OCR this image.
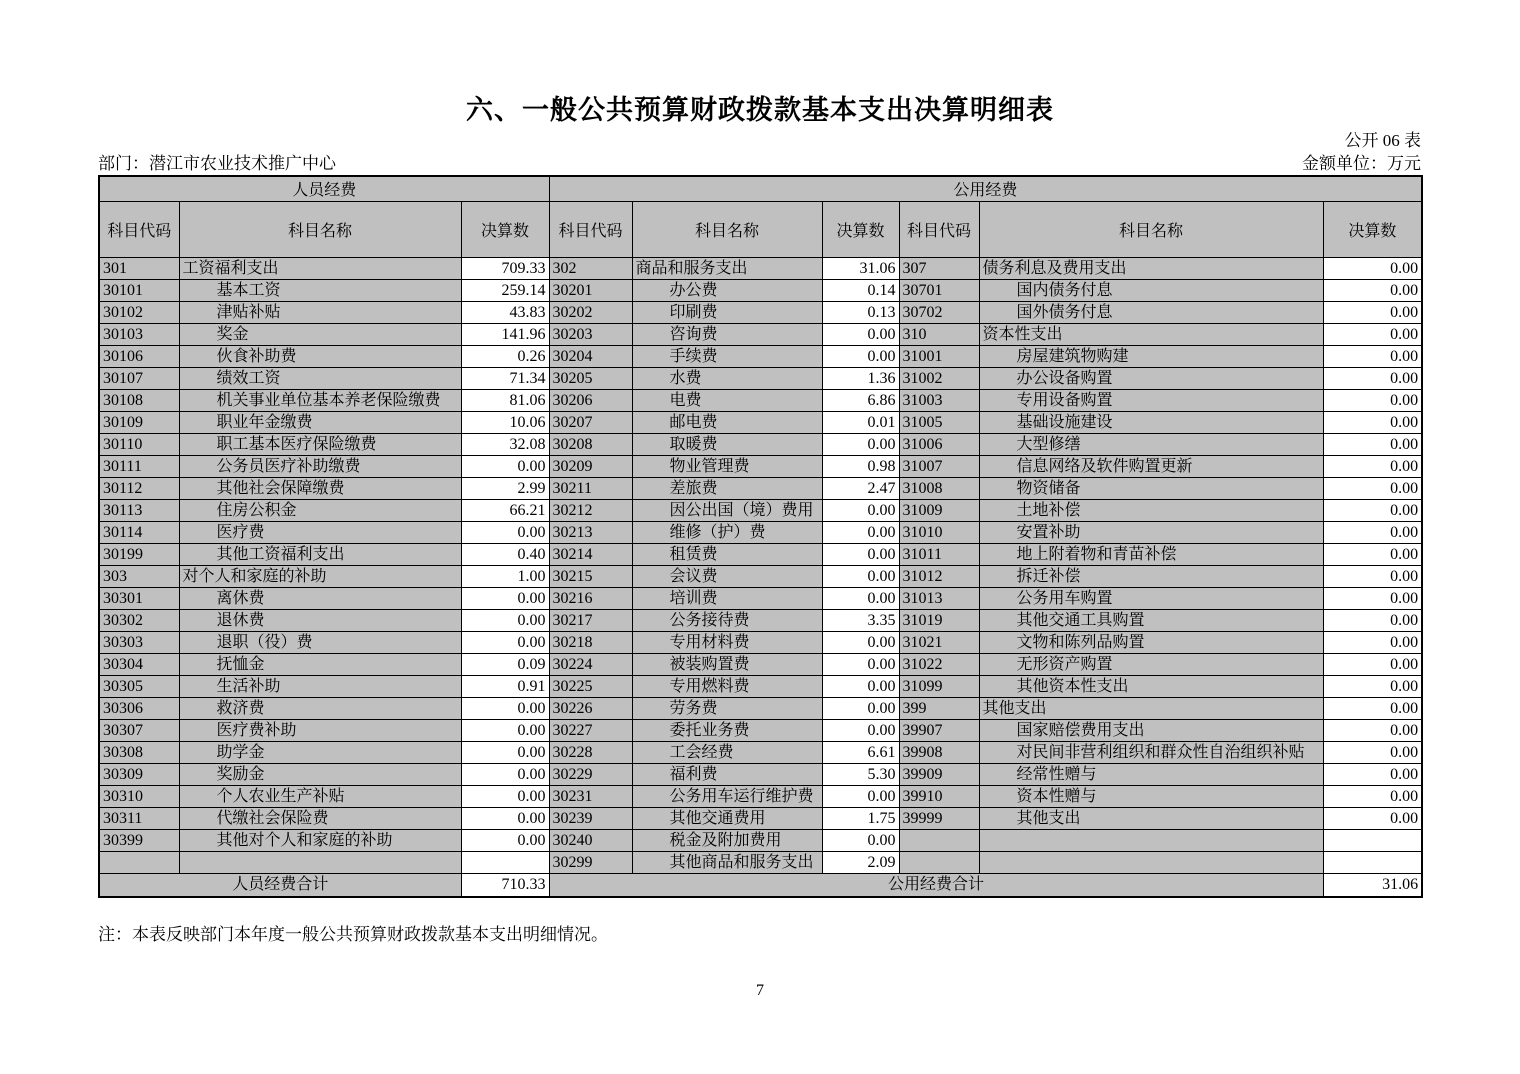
六、一般公共预算财政拨款基本支出决算明细表
公开 06 表
部门：潜江市农业技术推广中心	金额单位：万元
人员经费			公用经费					
科目代码	科目名称	决算数	科目代码	科目名称	决算数	科目代码	科目名称	决算数
301	工资福利支出	709.33	302	商品和服务支出	31.06	307	债务利息及费用支出	0.00
30101	基本工资	259.14	30201	办公费	0.14	30701	国内债务付息	0.00
30102	津贴补贴	43.83	30202	印刷费	0.13	30702	国外债务付息	0.00
30103	奖金	141.96	30203	咨询费	0.00	310	资本性支出	0.00
30106	伙食补助费	0.26	30204	手续费	0.00	31001	房屋建筑物购建	0.00
30107	绩效工资	71.34	30205	水费	1.36	31002	办公设备购置	0.00
30108	机关事业单位基本养老保险缴费	81.06	30206	电费	6.86	31003	专用设备购置	0.00
30109	职业年金缴费	10.06	30207	邮电费	0.01	31005	基础设施建设	0.00
30110	职工基本医疗保险缴费	32.08	30208	取暖费	0.00	31006	大型修缮	0.00
30111	公务员医疗补助缴费	0.00	30209	物业管理费	0.98	31007	信息网络及软件购置更新	0.00
30112	其他社会保障缴费	2.99	30211	差旅费	2.47	31008	物资储备	0.00
30113	住房公积金	66.21	30212	因公出国（境）费用	0.00	31009	土地补偿	0.00
30114	医疗费	0.00	30213	维修（护）费	0.00	31010	安置补助	0.00
30199	其他工资福利支出	0.40	30214	租赁费	0.00	31011	地上附着物和青苗补偿	0.00
303	对个人和家庭的补助	1.00	30215	会议费	0.00	31012	拆迁补偿	0.00
30301	离休费	0.00	30216	培训费	0.00	31013	公务用车购置	0.00
30302	退休费	0.00	30217	公务接待费	3.35	31019	其他交通工具购置	0.00
30303	退职（役）费	0.00	30218	专用材料费	0.00	31021	文物和陈列品购置	0.00
30304	抚恤金	0.09	30224	被装购置费	0.00	31022	无形资产购置	0.00
30305	生活补助	0.91	30225	专用燃料费	0.00	31099	其他资本性支出	0.00
30306	救济费	0.00	30226	劳务费	0.00	399	其他支出	0.00
30307	医疗费补助	0.00	30227	委托业务费	0.00	39907	国家赔偿费用支出	0.00
30308	助学金	0.00	30228	工会经费	6.61	39908	对民间非营利组织和群众性自治组织补贴	0.00
30309	奖励金	0.00	30229	福利费	5.30	39909	经常性赠与	0.00
30310	个人农业生产补贴	0.00	30231	公务用车运行维护费	0.00	39910	资本性赠与	0.00
30311	代缴社会保险费	0.00	30239	其他交通费用	1.75	39999	其他支出	0.00
30399	其他对个人和家庭的补助	0.00	30240	税金及附加费用	0.00			
			30299	其他商品和服务支出	2.09			
人员经费合计		710.33	公用经费合计					31.06
注：本表反映部门本年度一般公共预算财政拨款基本支出明细情况。
7
